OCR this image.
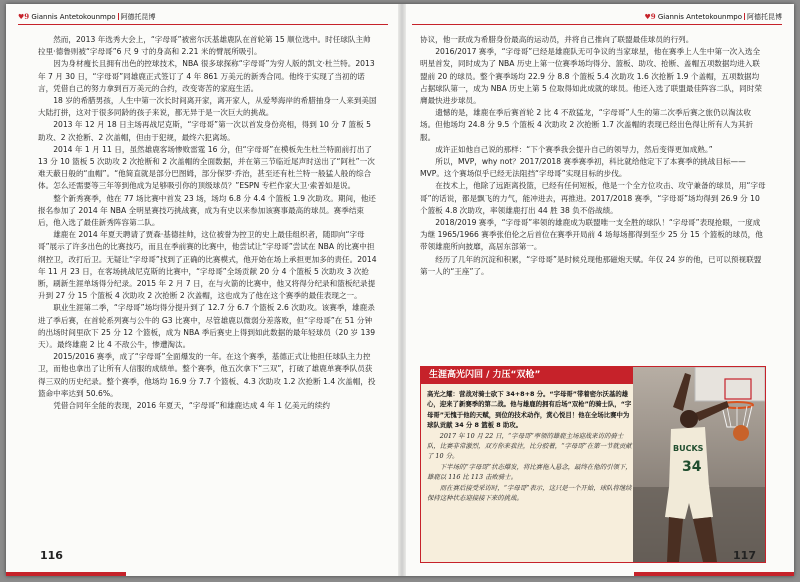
♥9 Giannis Antetokounmpo 阿德托昆博

然而，2013 年选秀大会上，“字母哥”被密尔沃基雄鹿队在首轮第 15 顺位选中。时任球队主帅拉里·德鲁则被“字母哥”6 尺 9 寸的身高和 2.21 米的臂展所吸引。

因为身材瘦长且拥有出色的控球技术，NBA 很多球探称“字母哥”为穷人版的凯文·杜兰特。2013 年 7 月 30 日，“字母哥”同雄鹿正式签订了 4 年 861 万美元的新秀合同。他终于实现了当初的诺言，凭借自己的努力拿到百万美元的合约，改变寄苦的家庭生活。

18 岁的希腊男孩，人生中第一次长时间离开家，离开家人，从爱琴海岸的希腊抽身一人来到美国大陆打拼，这对于很多同龄的孩子来说，都无异于是一次巨大的挑战。

2013 年 12 月 18 日主场再战尼克斯，“字母哥”第一次以首发身份亮相，得到 10 分 7 篮板 5 助攻、2 次抢断、2 次盖帽，但由于犯规，最终六犯离场。

2014 年 1 月 11 日，虽然雄鹿客场惨败雷霆 16 分，但“字母哥”在模板先生杜兰特面前打出了 13 分 10 篮板 5 次助攻 2 次抢断和 2 次盖帽的全面数据，并在第三节临近尾声时送出了“阿杜”一次难天蔽日般的“血帽”。“他简直就是部分巴图姆，部分保罗·乔治，甚至还有杜兰特一般猛人般的综合体。怎么还需要等三年等到他成为足够吸引你的顶级球员？”ESPN 专栏作家大卫·索普如是说。

整个新秀赛季，他在 77 场比赛中首发 23 场，场均 6.8 分 4.4 个篮板 1.9 次助攻。期间，他还报名参加了 2014 年 NBA 全明星赛技巧挑战赛，成为有史以来参加该赛事最高的球员。赛季结束后，他入选了最佳新秀阵容第二队。

雄鹿在 2014 年夏天聘请了贾森·基德挂帅，这位被誉为控卫的史上最佳组织者，随即向“字母哥”展示了许多出色的比赛技巧，而且在季前赛的比赛中，他尝试让“字母哥”尝试在 NBA 的比赛中担纲控卫，改打后卫。无疑让“字母哥”找到了正确的比赛模式，他开始在场上承担更加多的责任。2014 年 11 月 23 日，在客场挑战尼克斯的比赛中，“字母哥”全场贡献 20 分 4 个篮板 5 次助攻 3 次抢断，刷新生涯单场得分纪录。2015 年 2 月 7 日，在与火箭的比赛中，他又将得分纪录和篮板纪录提升到 27 分 15 个篮板 4 次助攻 2 次抢断 2 次盖帽，这也成为了他在这个赛季的最佳表现之一。

职业生涯第二季，“字母哥”场均得分提升到了 12.7 分 6.7 个篮板 2.6 次助攻。该赛季，雄鹿杀进了季后赛，在首轮系列赛与公牛的 G3 比赛中，尽管雄鹿以微弱分差落败，但“字母哥”在 51 分钟的出场时间里砍下 25 分 12 个篮板，成为 NBA 季后赛史上得到如此数据的最年轻球员（20 岁 139 天）。最终雄鹿 2 比 4 不敌公牛，惨遭淘汰。

2015/2016 赛季，成了“字母哥”全面爆发的一年。在这个赛季，基德正式让他担任球队主力控卫，而他也拿出了让所有人信服的成绩单。整个赛季，他五次拿下“三双”，打破了雄鹿单赛季队员获得三双的历史纪录。整个赛季，他场均 16.9 分 7.7 个篮板、4.3 次助攻 1.2 次抢断 1.4 次盖帽，投篮命中率达到 50.6%。

凭借合同年全能的表现，2016 年夏天，“字母哥”和雄鹿达成 4 年 1 亿美元的续约

116
♥9 Giannis Antetokounmpo 阿德托昆博

协议，他一跃成为希腊身份最高的运动员，并将自己推向了联盟最佳球员的行列。

2016/2017 赛季，“字母哥”已经是雄鹿队无可争议的当家球星，他在赛季上人生中第一次入选全明星首发，同时成为了 NBA 历史上第一位赛季场均得分、篮板、助攻、抢断、盖帽五项数据均进入联盟前 20 的球员。整个赛季场均 22.9 分 8.8 个篮板 5.4 次助攻 1.6 次抢断 1.9 个盖帽，五项数据均占据球队第一，成为 NBA 历史上第 5 位取得如此成就的球员。他还入选了联盟最佳阵容二队，同时荣膺最快进步球员。

遗憾的是，雄鹿在季后赛首轮 2 比 4 不敌猛龙，“字母哥”人生的第二次季后赛之旅仍以淘汰收场。但他场均 24.8 分 9.5 个篮板 4 次助攻 2 次抢断 1.7 次盖帽的表现已经出色得让所有人为其折服。

成许正如他自己说的那样：“下个赛季我会提升自己的领导力，然后变得更加成熟。”

所以，MVP，why not？2017/2018 赛季赛季初，科比就给他定下了本赛季的挑战目标——MVP。这个赛场似乎已经无法阻挡“字母哥”实现目标的步伐。

在技术上，他除了远距离投篮，已经有任何短板，他是一个全方位攻击、攻守兼备的球员，用“字母哥”的话说，都是飘飞的力气，能冲进去，再推进。2017/2018 赛季，“字母哥”场均得到 26.9 分 10 个篮板 4.8 次助攻，率领雄鹿打出 44 胜 38 负不俗战绩。

2018/2019 赛季，“字母哥”率领的雄鹿成为联盟唯一支全胜的球队！“字母哥”表现抢眼，一度成为继 1965/1966 赛季张伯伦之后首位在赛季开局前 4 场每场都得到至少 25 分 15 个篮板的球员，他带领雄鹿所向披靡，高居东部第一。

经历了几年的沉淀和积累，“字母哥”是时候兑现他那磁炮天赋。年仅 24 岁的他，已可以预视联盟第一人的“王座”了。

生涯高光闪回 / 力压“双枪”

高光之耀：营战对骑士砍下 34+8+8 分。“字母哥”带着密尔沃基的雄心，迎来了新赛季的第二战。他与雄鹿的拥有后场“双枪”的骑士队，“字母哥”无愧于他的天赋，到位的技术动作，赏心悦目！他在全场比赛中为球队贡献 34 分 8 篮板 8 助攻。

2017 年 10 月 22 日，“字母哥”率领的雄鹿主场迎战来访的骑士队，比赛非常激烈，双方你来我往，比分胶着，“字母哥”在第一节就贡献了 10 分。

下半场的“字母哥”状态爆发，将比赛拖入悬念，最终在他的引领下，雄鹿以 116 比 113 击败骑士。

而在赛后接受采访时，“字母哥”表示，这只是一个开始，球队将继续保持这种状态迎接接下来的挑战。

BUCKS
34
117
